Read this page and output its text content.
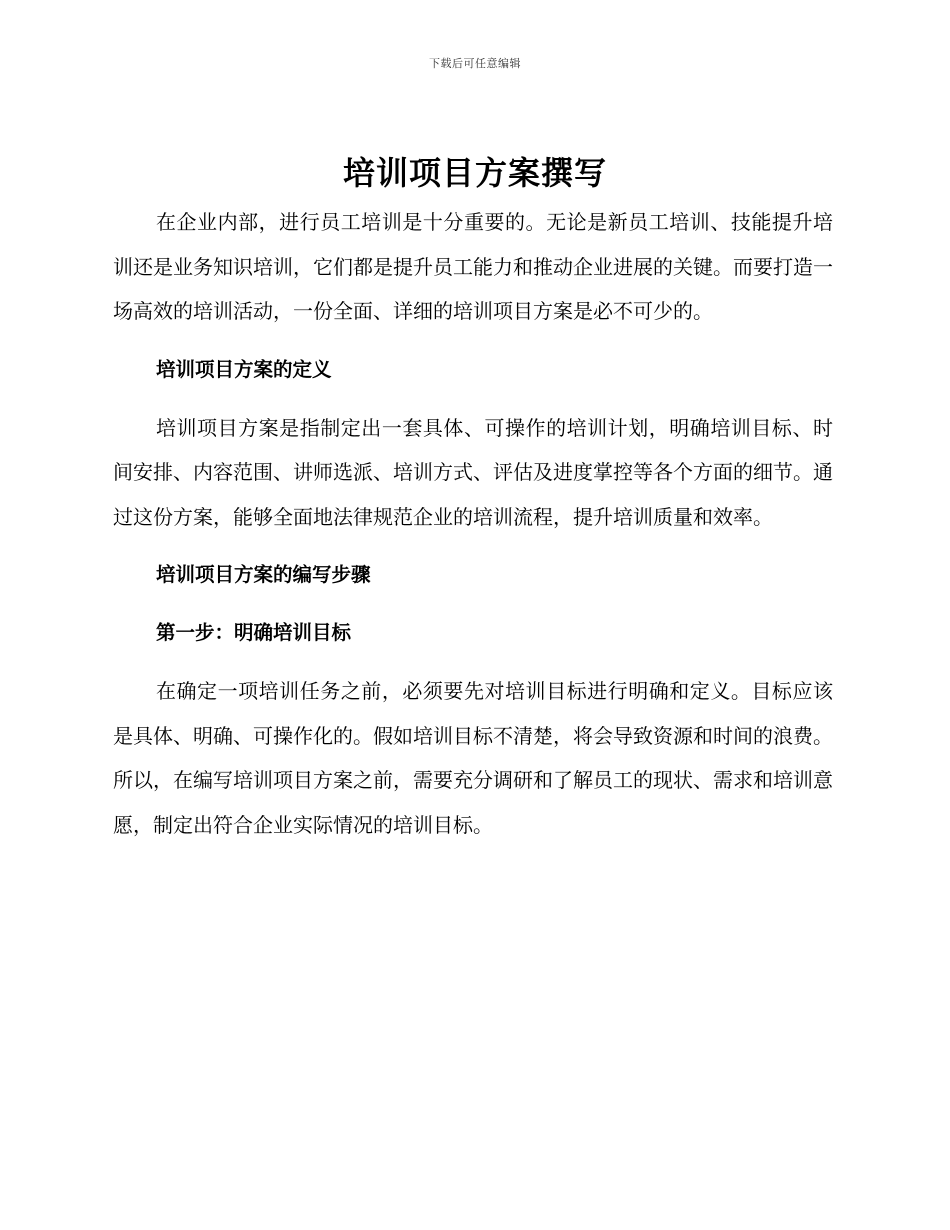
下载后可任意编辑
培训项目方案撰写

在企业内部，进行员工培训是十分重要的。无论是新员工培训、技能提升培训还是业务知识培训，它们都是提升员工能力和推动企业进展的关键。而要打造一场高效的培训活动，一份全面、详细的培训项目方案是必不可少的。

培训项目方案的定义

培训项目方案是指制定出一套具体、可操作的培训计划，明确培训目标、时间安排、内容范围、讲师选派、培训方式、评估及进度掌控等各个方面的细节。通过这份方案，能够全面地法律规范企业的培训流程，提升培训质量和效率。

培训项目方案的编写步骤
第一步：明确培训目标

在确定一项培训任务之前，必须要先对培训目标进行明确和定义。目标应该是具体、明确、可操作化的。假如培训目标不清楚，将会导致资源和时间的浪费。所以，在编写培训项目方案之前，需要充分调研和了解员工的现状、需求和培训意愿，制定出符合企业实际情况的培训目标。
